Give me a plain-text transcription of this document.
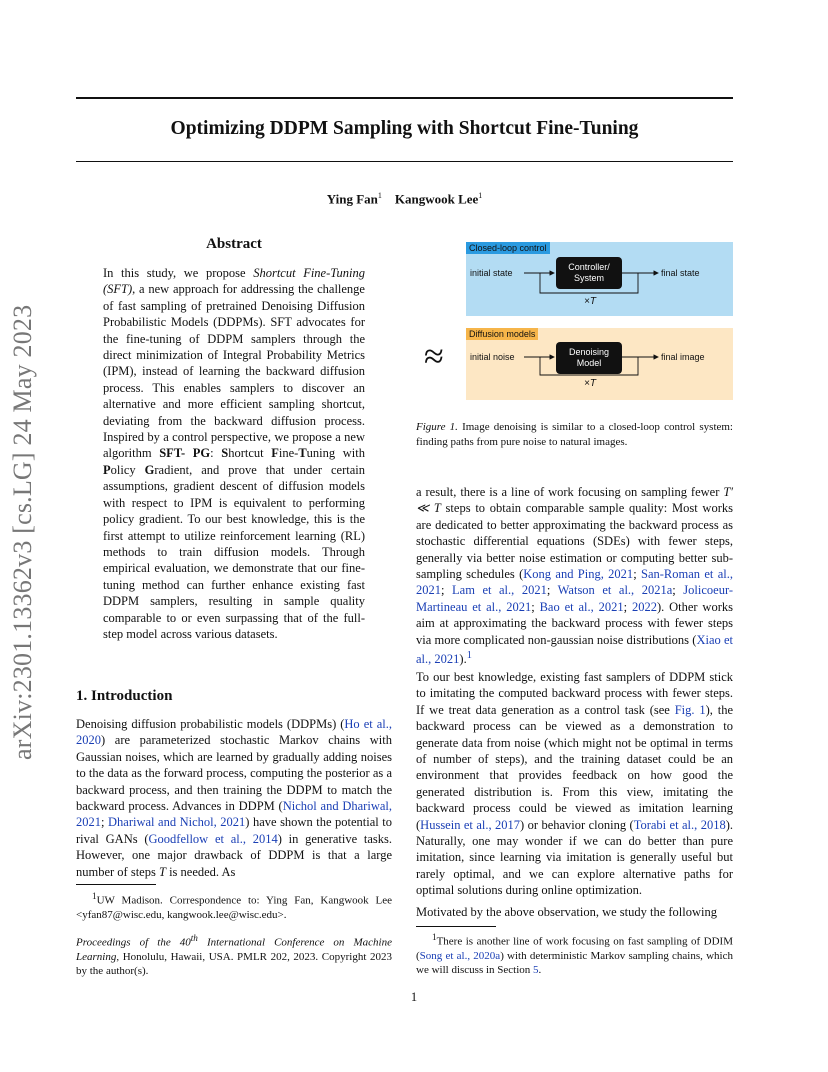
Optimizing DDPM Sampling with Shortcut Fine-Tuning
Ying Fan$^1$ Kangwook Lee$^1$
arXiv:2301.13362v3 [cs.LG] 24 May 2023
Abstract
In this study, we propose Shortcut Fine-Tuning (SFT), a new approach for addressing the challenge of fast sampling of pretrained Denoising Diffusion Probabilistic Models (DDPMs). SFT advocates for the fine-tuning of DDPM samplers through the direct minimization of Integral Probability Metrics (IPM), instead of learning the backward diffusion process. This enables samplers to discover an alternative and more efficient sampling shortcut, deviating from the backward diffusion process. Inspired by a control perspective, we propose a new algorithm SFT- PG: Shortcut Fine-Tuning with Policy Gradient, and prove that under certain assumptions, gradient descent of diffusion models with respect to IPM is equivalent to performing policy gradient. To our best knowledge, this is the first attempt to utilize reinforcement learning (RL) methods to train diffusion models. Through empirical evaluation, we demonstrate that our fine-tuning method can further enhance existing fast DDPM samplers, resulting in sample quality comparable to or even surpassing that of the full-step model across various datasets.
1. Introduction
Denoising diffusion probabilistic models (DDPMs) (Ho et al., 2020) are parameterized stochastic Markov chains with Gaussian noises, which are learned by gradually adding noises to the data as the forward process, computing the posterior as a backward process, and then training the DDPM to match the backward process. Advances in DDPM (Nichol and Dhariwal, 2021; Dhariwal and Nichol, 2021) have shown the potential to rival GANs (Goodfellow et al., 2014) in generative tasks. However, one major drawback of DDPM is that a large number of steps T is needed. As
$^1$UW Madison. Correspondence to: Ying Fan, Kangwook Lee <yfan87@wisc.edu, kangwook.lee@wisc.edu>.
Proceedings of the 40th International Conference on Machine Learning, Honolulu, Hawaii, USA. PMLR 202, 2023. Copyright 2023 by the author(s).
Closed-loop control
initial state
Controller/
System	final state
×T
Diffusion models
initial noise	Denoising
Model
final image
×T
≈
Figure 1. Image denoising is similar to a closed-loop control system: finding paths from pure noise to natural images.
a result, there is a line of work focusing on sampling fewer T′ ≪ T steps to obtain comparable sample quality: Most works are dedicated to better approximating the backward process as stochastic differential equations (SDEs) with fewer steps, generally via better noise estimation or computing better sub-sampling schedules (Kong and Ping, 2021; San-Roman et al., 2021; Lam et al., 2021; Watson et al., 2021a; Jolicoeur-Martineau et al., 2021; Bao et al., 2021; 2022). Other works aim at approximating the backward process with fewer steps via more complicated non-gaussian noise distributions (Xiao et al., 2021).$^1$
To our best knowledge, existing fast samplers of DDPM stick to imitating the computed backward process with fewer steps. If we treat data generation as a control task (see Fig. 1), the backward process can be viewed as a demonstration to generate data from noise (which might not be optimal in terms of number of steps), and the training dataset could be an environment that provides feedback on how good the generated distribution is. From this view, imitating the backward process could be viewed as imitation learning (Hussein et al., 2017) or behavior cloning (Torabi et al., 2018). Naturally, one may wonder if we can do better than pure imitation, since learning via imitation is generally useful but rarely optimal, and we can explore alternative paths for optimal solutions during online optimization.
Motivated by the above observation, we study the following
$^1$There is another line of work focusing on fast sampling of DDIM (Song et al., 2020a) with deterministic Markov sampling chains, which we will discuss in Section 5.
1
